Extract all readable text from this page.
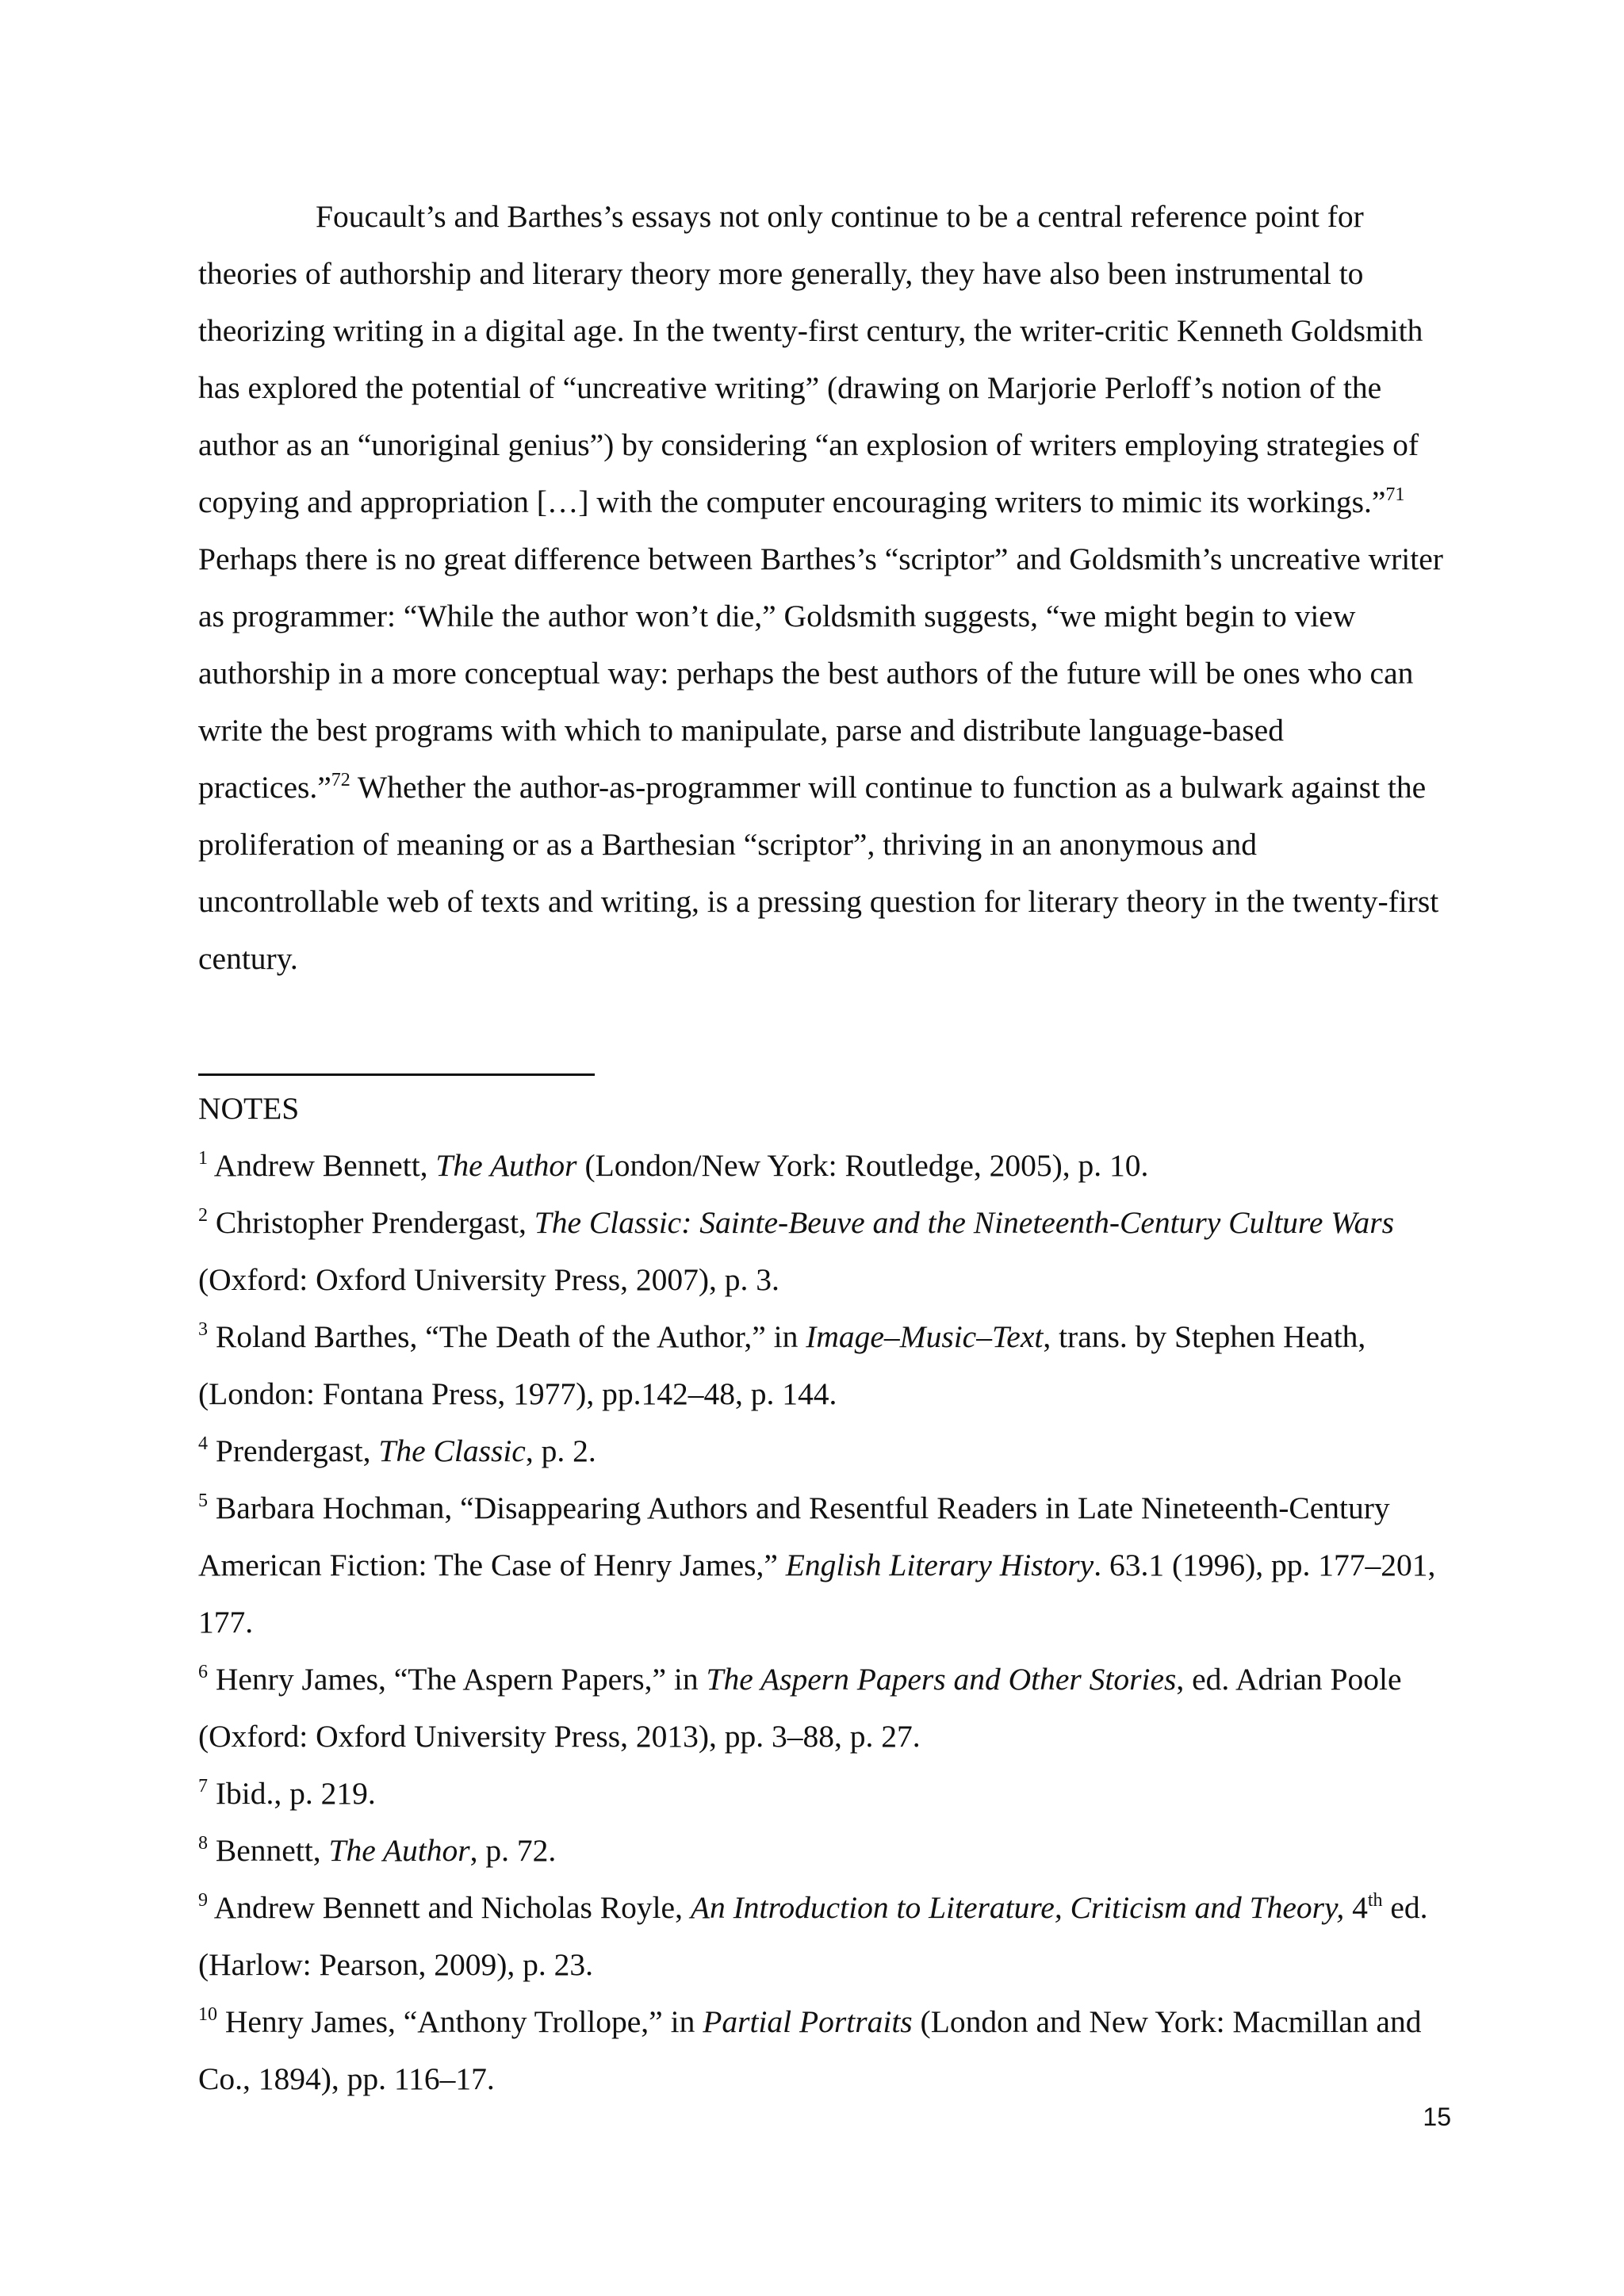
Foucault’s and Barthes’s essays not only continue to be a central reference point for theories of authorship and literary theory more generally, they have also been instrumental to theorizing writing in a digital age. In the twenty-first century, the writer-critic Kenneth Goldsmith has explored the potential of “uncreative writing” (drawing on Marjorie Perloff’s notion of the author as an “unoriginal genius”) by considering “an explosion of writers employing strategies of copying and appropriation […] with the computer encouraging writers to mimic its workings.”$^{71}$ Perhaps there is no great difference between Barthes’s “scriptor” and Goldsmith’s uncreative writer as programmer: “While the author won’t die,” Goldsmith suggests, “we might begin to view authorship in a more conceptual way: perhaps the best authors of the future will be ones who can write the best programs with which to manipulate, parse and distribute language-based practices.”$^{72}$ Whether the author-as-programmer will continue to function as a bulwark against the proliferation of meaning or as a Barthesian “scriptor”, thriving in an anonymous and uncontrollable web of texts and writing, is a pressing question for literary theory in the twenty-first century.

NOTES

$^1$ Andrew Bennett, The Author (London/New York: Routledge, 2005), p. 10.

$^2$ Christopher Prendergast, The Classic: Sainte-Beuve and the Nineteenth-Century Culture Wars (Oxford: Oxford University Press, 2007), p. 3.

$^3$ Roland Barthes, “The Death of the Author,” in Image–Music–Text, trans. by Stephen Heath, (London: Fontana Press, 1977), pp.142–48, p. 144.

$^4$ Prendergast, The Classic, p. 2.

$^5$ Barbara Hochman, “Disappearing Authors and Resentful Readers in Late Nineteenth-Century American Fiction: The Case of Henry James,” English Literary History. 63.1 (1996), pp. 177–201, 177.

$^6$ Henry James, “The Aspern Papers,” in The Aspern Papers and Other Stories, ed. Adrian Poole (Oxford: Oxford University Press, 2013), pp. 3–88, p. 27.

$^7$ Ibid., p. 219.

$^8$ Bennett, The Author, p. 72.

$^9$ Andrew Bennett and Nicholas Royle, An Introduction to Literature, Criticism and Theory, 4th ed. (Harlow: Pearson, 2009), p. 23.

$^{10}$ Henry James, “Anthony Trollope,” in Partial Portraits (London and New York: Macmillan and Co., 1894), pp. 116–17.

15
